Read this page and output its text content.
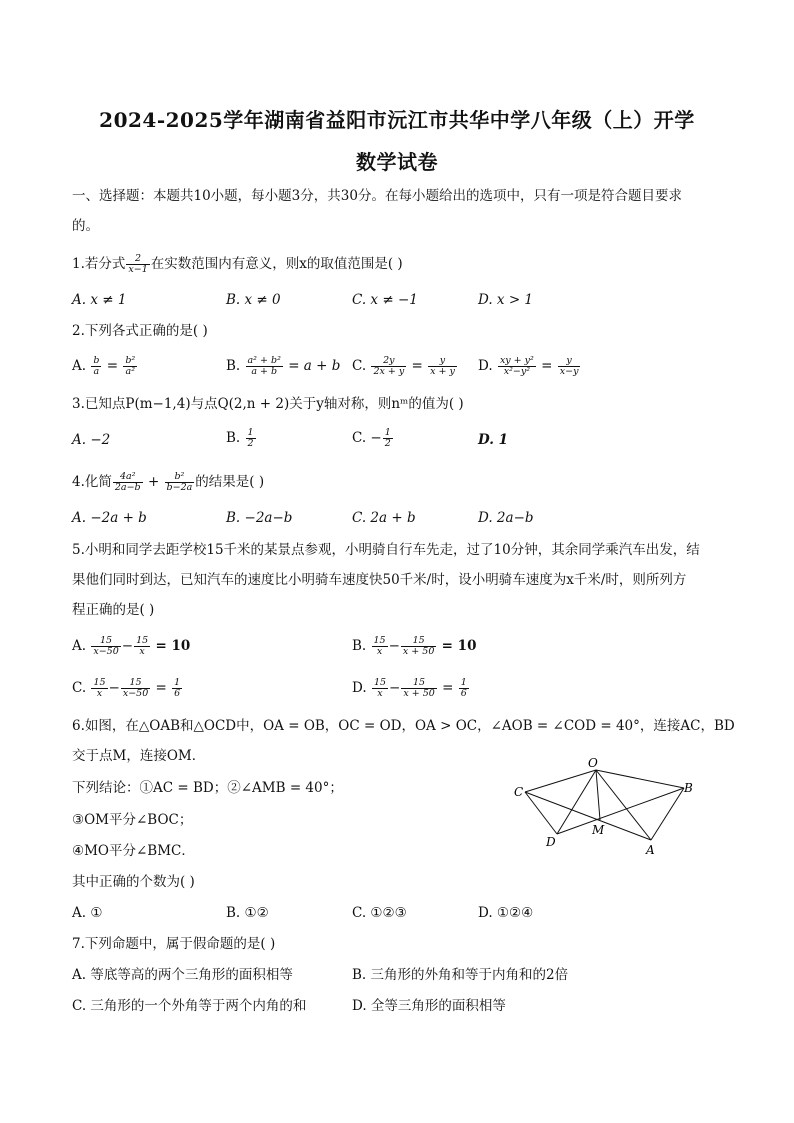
2024-2025学年湖南省益阳市沅江市共华中学八年级（上）开学
数学试卷
一、选择题：本题共10小题，每小题3分，共30分。在每小题给出的选项中，只有一项是符合题目要求
的。
1.若分式 $\frac{2}{x-1}$ 在实数范围内有意义，则x的取值范围是( )
A. x ≠ 1	B. x ≠ 0	C. x ≠ −1	D. x > 1
2.下列各式正确的是( )
A. $\frac{b}{a} = \frac{\text{b²}}{\text{a²}}$	B. $\frac{\text{a² + b²}}{a + b} = a + b$ C. $\frac{2y}{2x + y} = \frac{y}{x + y} D$. $\frac{\text{xy + y²}}{\text{x²−y²}} = \frac{y}{x-y}$
3.已知点P(m−1,4)与点Q(2,n + 2)关于y轴对称，则nᵐ的值为( )
A. −2	B. $\frac{1}{2}$	C. − $\frac{1}{2}$	D. 1
4.化简 $\frac{\text{4a²}}{2a-b} + \frac{\text{b²}}{b-2a}$ 的结果是( )
A. −2a + b	B. −2a−b	C. 2a + b	D. 2a−b
5.小明和同学去距学校15千米的某景点参观，小明骑自行车先走，过了10分钟，其余同学乘汽车出发，结
果他们同时到达，已知汽车的速度比小明骑车速度快50千米/时，设小明骑车速度为x千米/时，则所列方
程正确的是( )
A. $\frac{15}{x-50} - \frac{15}{x} = 10$	B. $\frac{15}{x} - \frac{15}{x + 50} = 10$
C. $\frac{15}{x} - \frac{15}{x-50} = \frac{1}{6}$	D. $\frac{15}{x} - \frac{15}{x + 50} = \frac{1}{6}$
6.如图，在△OAB和△OCD中，OA = OB，OC = OD，OA > OC，∠AOB = ∠COD = 40°，连接AC，BD
交于点M，连接OM．
下列结论：①AC = BD；②∠AMB = 40°；
③OM平分∠BOC；
④MO平分∠BMC．
其中正确的个数为( )
A. ①	B. ①②	C. ①②③	D. ①②④
O
B
C
D
M
A
7.下列命题中，属于假命题的是( )
A. 等底等高的两个三角形的面积相等	B. 三角形的外角和等于内角和的2倍
C. 三角形的一个外角等于两个内角的和	D. 全等三角形的面积相等
